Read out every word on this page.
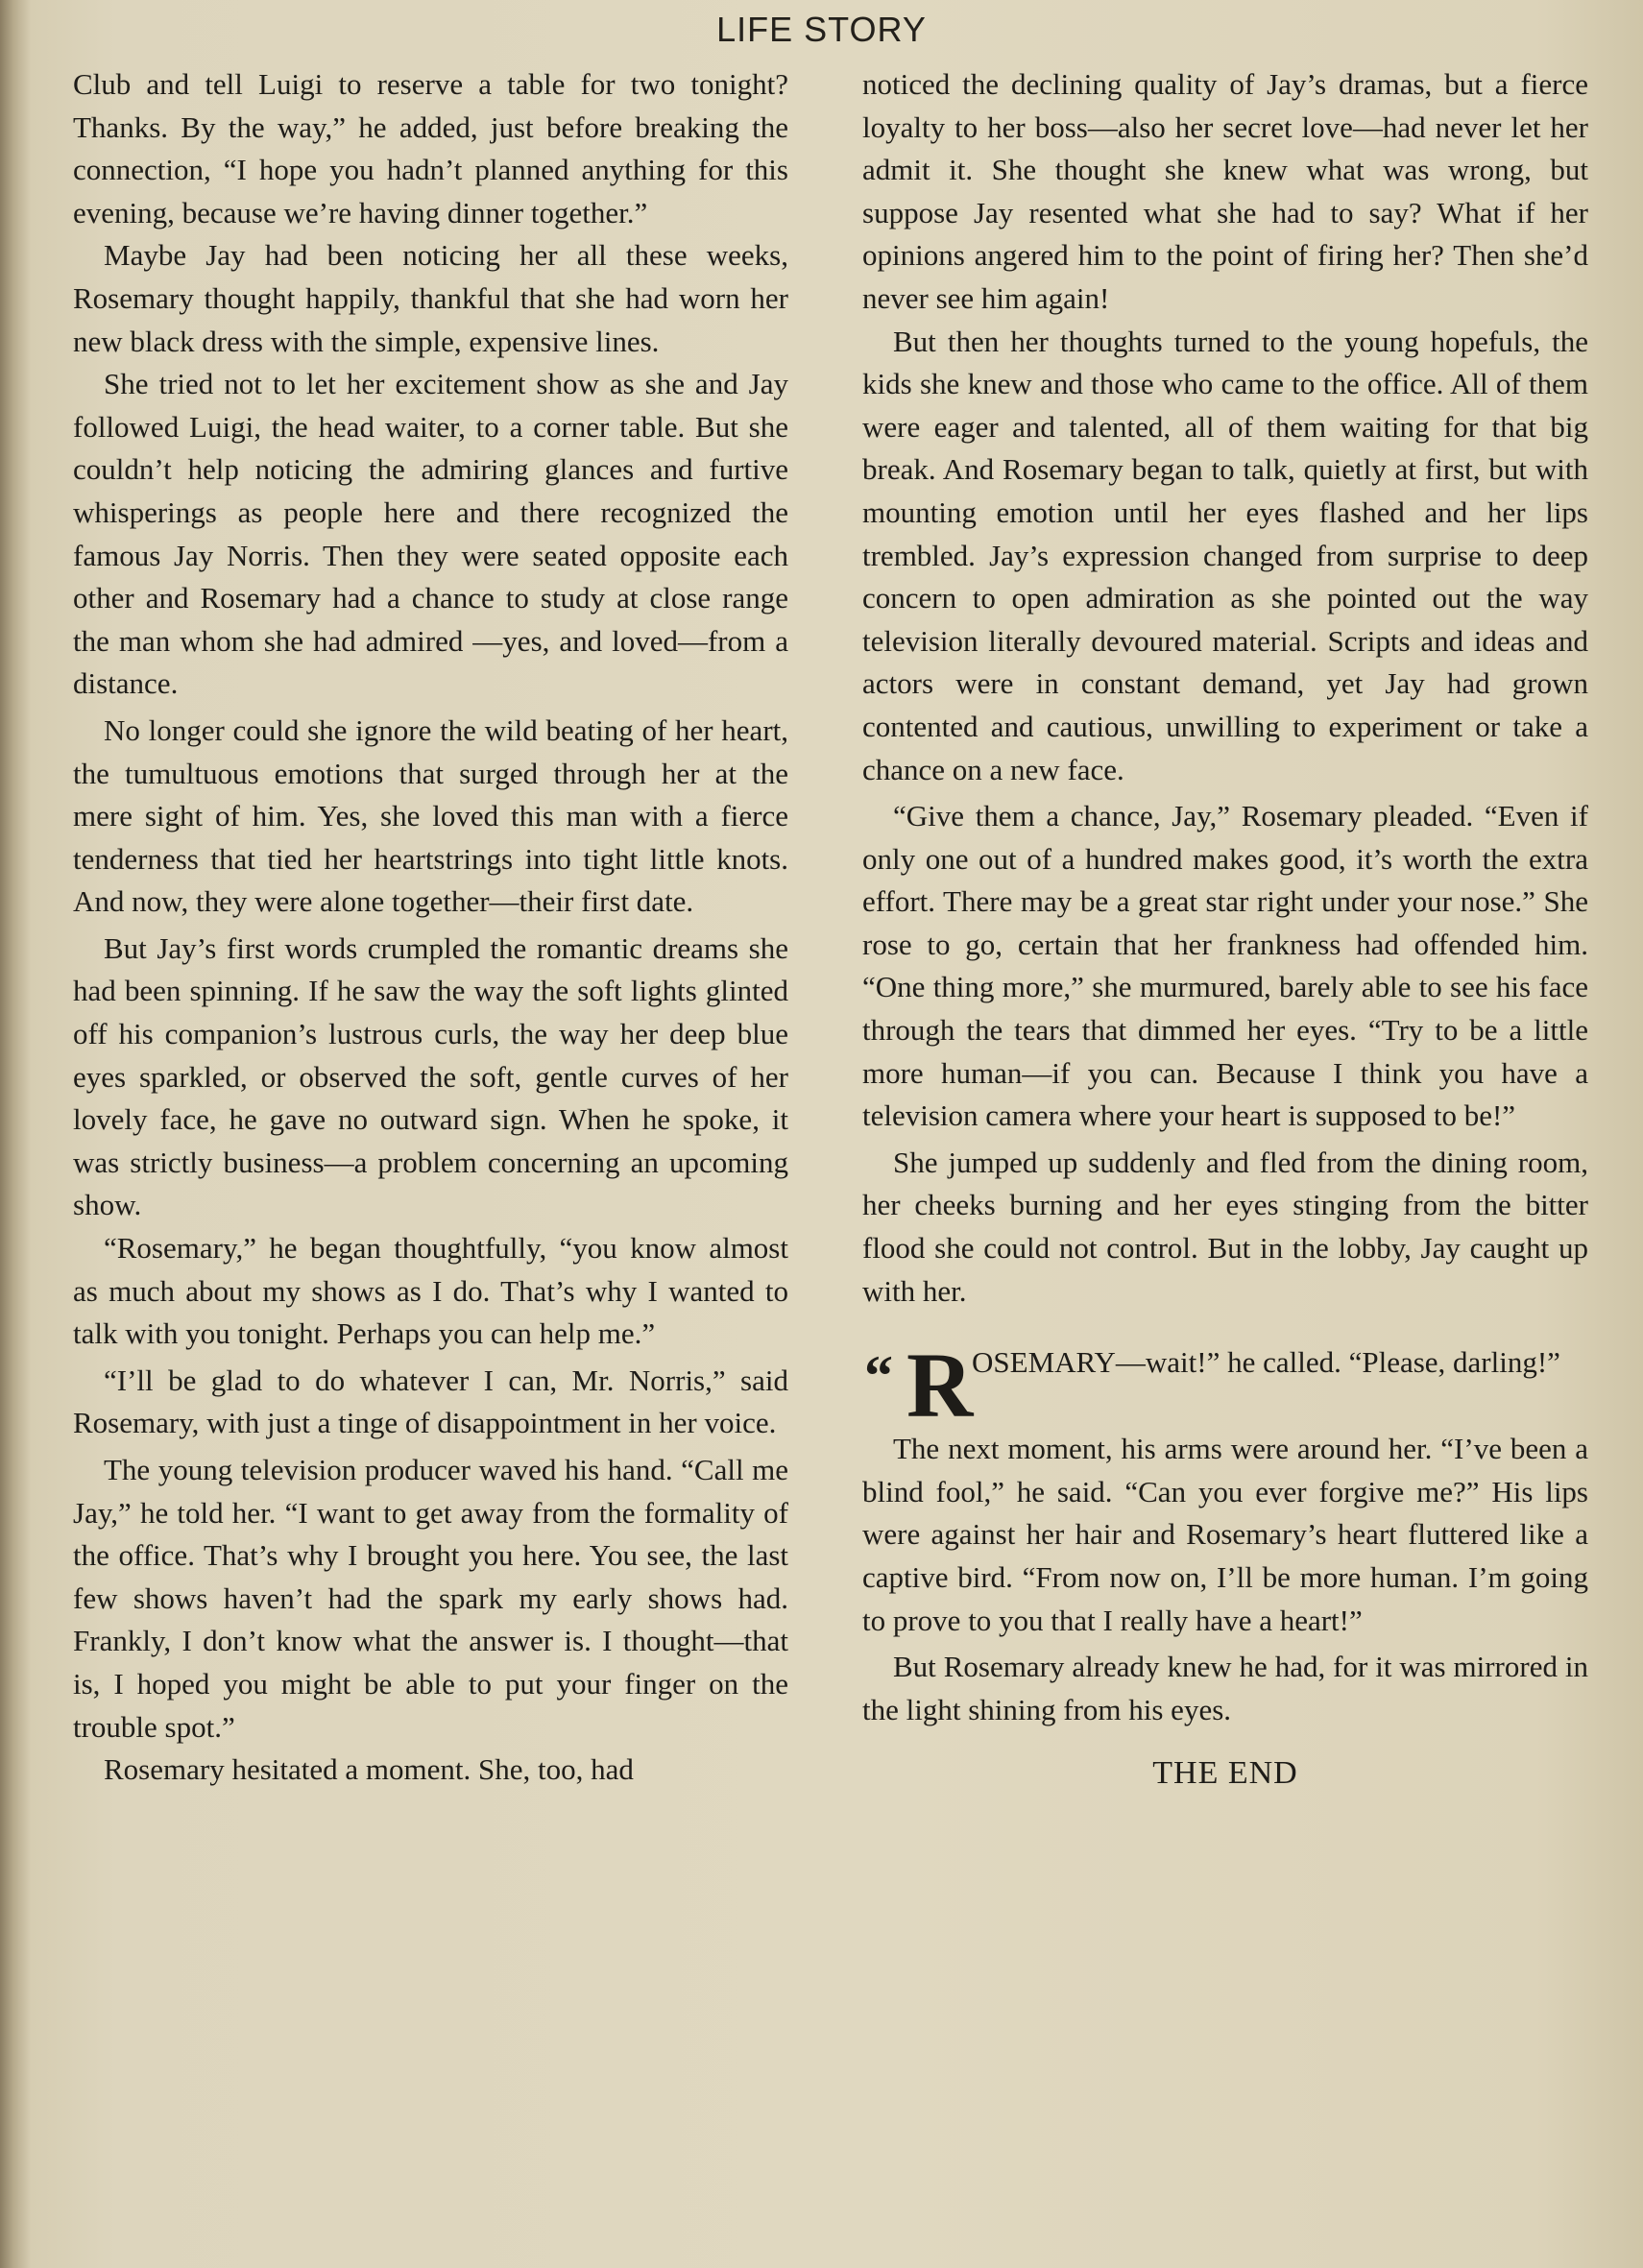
LIFE STORY

Club and tell Luigi to reserve a table for two tonight? Thanks. By the way,” he added, just before breaking the connection, “I hope you hadn’t planned anything for this evening, because we’re having dinner together.”

Maybe Jay had been noticing her all these weeks, Rosemary thought happily, thankful that she had worn her new black dress with the simple, expensive lines.

She tried not to let her excitement show as she and Jay followed Luigi, the head waiter, to a corner table. But she couldn’t help noticing the admiring glances and furtive whisperings as people here and there recognized the famous Jay Norris. Then they were seated opposite each other and Rosemary had a chance to study at close range the man whom she had admired —yes, and loved—from a distance.

No longer could she ignore the wild beating of her heart, the tumultuous emotions that surged through her at the mere sight of him. Yes, she loved this man with a fierce tenderness that tied her heartstrings into tight little knots. And now, they were alone together—their first date.

But Jay’s first words crumpled the romantic dreams she had been spinning. If he saw the way the soft lights glinted off his companion’s lustrous curls, the way her deep blue eyes sparkled, or observed the soft, gentle curves of her lovely face, he gave no outward sign. When he spoke, it was strictly business—a problem concerning an upcoming show.

“Rosemary,” he began thoughtfully, “you know almost as much about my shows as I do. That’s why I wanted to talk with you tonight. Perhaps you can help me.”

“I’ll be glad to do whatever I can, Mr. Norris,” said Rosemary, with just a tinge of disappointment in her voice.

The young television producer waved his hand. “Call me Jay,” he told her. “I want to get away from the formality of the office. That’s why I brought you here. You see, the last few shows haven’t had the spark my early shows had. Frankly, I don’t know what the answer is. I thought—that is, I hoped you might be able to put your finger on the trouble spot.”

Rosemary hesitated a moment. She, too, had

noticed the declining quality of Jay’s dramas, but a fierce loyalty to her boss—also her secret love—had never let her admit it. She thought she knew what was wrong, but suppose Jay resented what she had to say? What if her opinions angered him to the point of firing her? Then she’d never see him again!

But then her thoughts turned to the young hopefuls, the kids she knew and those who came to the office. All of them were eager and talented, all of them waiting for that big break. And Rosemary began to talk, quietly at first, but with mounting emotion until her eyes flashed and her lips trembled. Jay’s expression changed from surprise to deep concern to open admiration as she pointed out the way television literally devoured material. Scripts and ideas and actors were in constant demand, yet Jay had grown contented and cautious, unwilling to experiment or take a chance on a new face.

“Give them a chance, Jay,” Rosemary pleaded. “Even if only one out of a hundred makes good, it’s worth the extra effort. There may be a great star right under your nose.” She rose to go, certain that her frankness had offended him. “One thing more,” she murmured, barely able to see his face through the tears that dimmed her eyes. “Try to be a little more human—if you can. Because I think you have a television camera where your heart is supposed to be!”

She jumped up suddenly and fled from the dining room, her cheeks burning and her eyes stinging from the bitter flood she could not control. But in the lobby, Jay caught up with her.

“ R

OSEMARY—wait!” he called. “Please, darling!”

The next moment, his arms were around her. “I’ve been a blind fool,” he said. “Can you ever forgive me?” His lips were against her hair and Rosemary’s heart fluttered like a captive bird. “From now on, I’ll be more human. I’m going to prove to you that I really have a heart!”

But Rosemary already knew he had, for it was mirrored in the light shining from his eyes.

THE END
